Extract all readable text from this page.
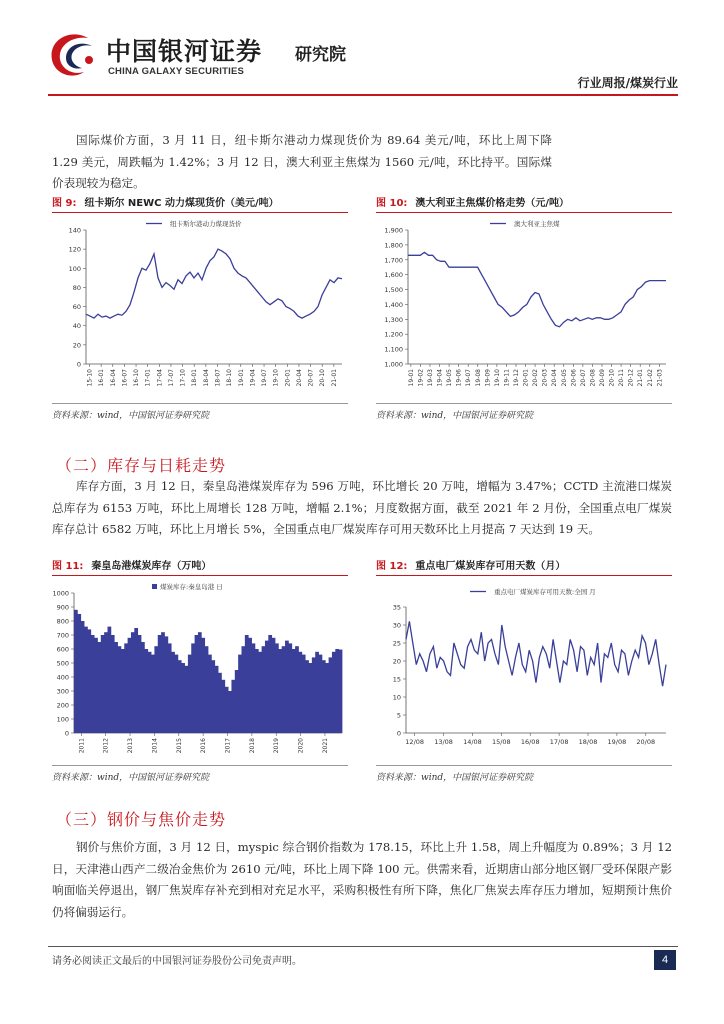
中国银河证券
CHINA GALAXY SECURITIES
研究院
行业周报/煤炭行业
国际煤价方面，3 月 11 日，纽卡斯尔港动力煤现货价为 89.64 美元/吨，环比上周下降 1.29 美元，周跌幅为 1.42%；3 月 12 日，澳大利亚主焦煤为 1560 元/吨，环比持平。国际煤价表现较为稳定。
图 9: 纽卡斯尔 NEWC 动力煤现货价（美元/吨）
0
20
40
60
80
100
120
140
15-10 16-01 16-04 16-07 16-10 17-01 17-04 17-07 17-10 18-01 18-04 18-07 18-10 19-01 19-04 19-07 19-10 20-01 20-04 20-07 20-10 21-01
纽卡斯尔港动力煤现货价
资料来源：wind，中国银河证券研究院
图 10: 澳大利亚主焦煤价格走势（元/吨）
1,000
1,100
1,200
1,300
1,400
1,500
1,600
1,700
1,800
1,900
19-01 19-02 19-03 19-04 19-05 19-06 19-07 19-08 19-09 19-10 19-11 19-12 20-01 20-02 20-03 20-04 20-05 20-06 20-07 20-08 20-09 20-10 20-11 20-12 21-01 21-02 21-03
澳大利亚主焦煤
资料来源：wind，中国银河证券研究院
（二）库存与日耗走势
库存方面，3 月 12 日，秦皇岛港煤炭库存为 596 万吨，环比增长 20 万吨，增幅为 3.47%；CCTD 主流港口煤炭总库存为 6153 万吨，环比上周增长 128 万吨，增幅 2.1%；月度数据方面，截至 2021 年 2 月份，全国重点电厂煤炭库存总计 6582 万吨，环比上月增长 5%，全国重点电厂煤炭库存可用天数环比上月提高 7 天达到 19 天。
图 11: 秦皇岛港煤炭库存（万吨）
0
100
200
300
400
500
600
700
800
900
1000
2011	2012	2013	2014	2015	2016	2017	2018	2019	2020	2021
煤炭库存:秦皇岛港 日
资料来源：wind，中国银河证券研究院
图 12: 重点电厂煤炭库存可用天数（月）
0
5
10
15
20
25
30
35
12/08 13/08 14/08 15/08 16/08 17/08 18/08 19/08 20/08
重点电厂煤炭库存可用天数:全国 月
资料来源：wind，中国银河证券研究院
（三）钢价与焦价走势
钢价与焦价方面，3 月 12 日，myspic 综合钢价指数为 178.15，环比上升 1.58，周上升幅度为 0.89%；3 月 12 日，天津港山西产二级冶金焦价为 2610 元/吨，环比上周下降 100 元。供需来看，近期唐山部分地区钢厂受环保限产影响面临关停退出，钢厂焦炭库存补充到相对充足水平，采购积极性有所下降，焦化厂焦炭去库存压力增加，短期预计焦价仍将偏弱运行。
请务必阅读正文最后的中国银河证券股份公司免责声明。	4
